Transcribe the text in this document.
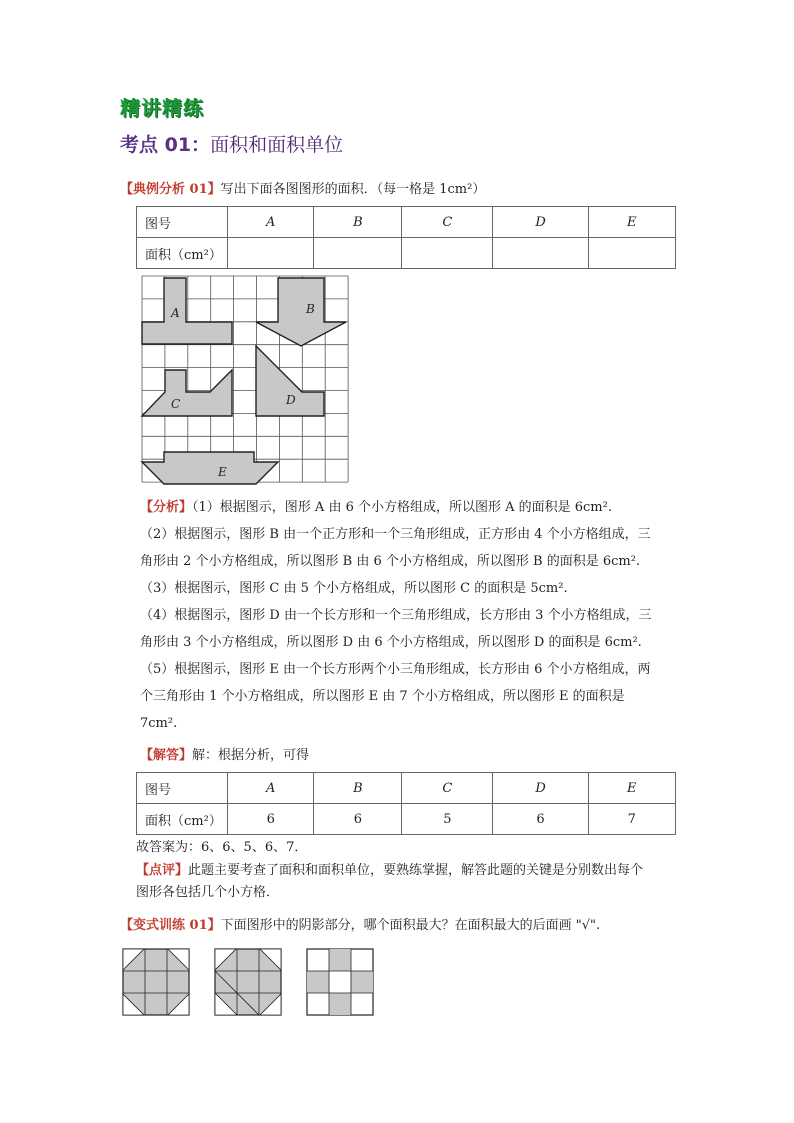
精讲精练
考点 01：面积和面积单位
【典例分析 01】写出下面各图图形的面积．（每一格是 1cm²）
图号	A	B	C	D	E
面积（cm²）					
A	B
C	D
E
【分析】（1）根据图示，图形 A 由 6 个小方格组成，所以图形 A 的面积是 6cm².
（2）根据图示，图形 B 由一个正方形和一个三角形组成，正方形由 4 个小方格组成，三
角形由 2 个小方格组成，所以图形 B 由 6 个小方格组成，所以图形 B 的面积是 6cm².
（3）根据图示，图形 C 由 5 个小方格组成，所以图形 C 的面积是 5cm².
（4）根据图示，图形 D 由一个长方形和一个三角形组成，长方形由 3 个小方格组成，三
角形由 3 个小方格组成，所以图形 D 由 6 个小方格组成，所以图形 D 的面积是 6cm².
（5）根据图示，图形 E 由一个长方形两个小三角形组成，长方形由 6 个小方格组成，两
个三角形由 1 个小方格组成，所以图形 E 由 7 个小方格组成，所以图形 E 的面积是
7cm².
【解答】解：根据分析，可得
图号	A	B	C	D	E
面积（cm²）	6	6	5	6	7
故答案为：6、6、5、6、7．
【点评】此题主要考查了面积和面积单位，要熟练掌握，解答此题的关键是分别数出每个
图形各包括几个小方格．
【变式训练 01】下面图形中的阴影部分，哪个面积最大？在面积最大的后面画 "√".
